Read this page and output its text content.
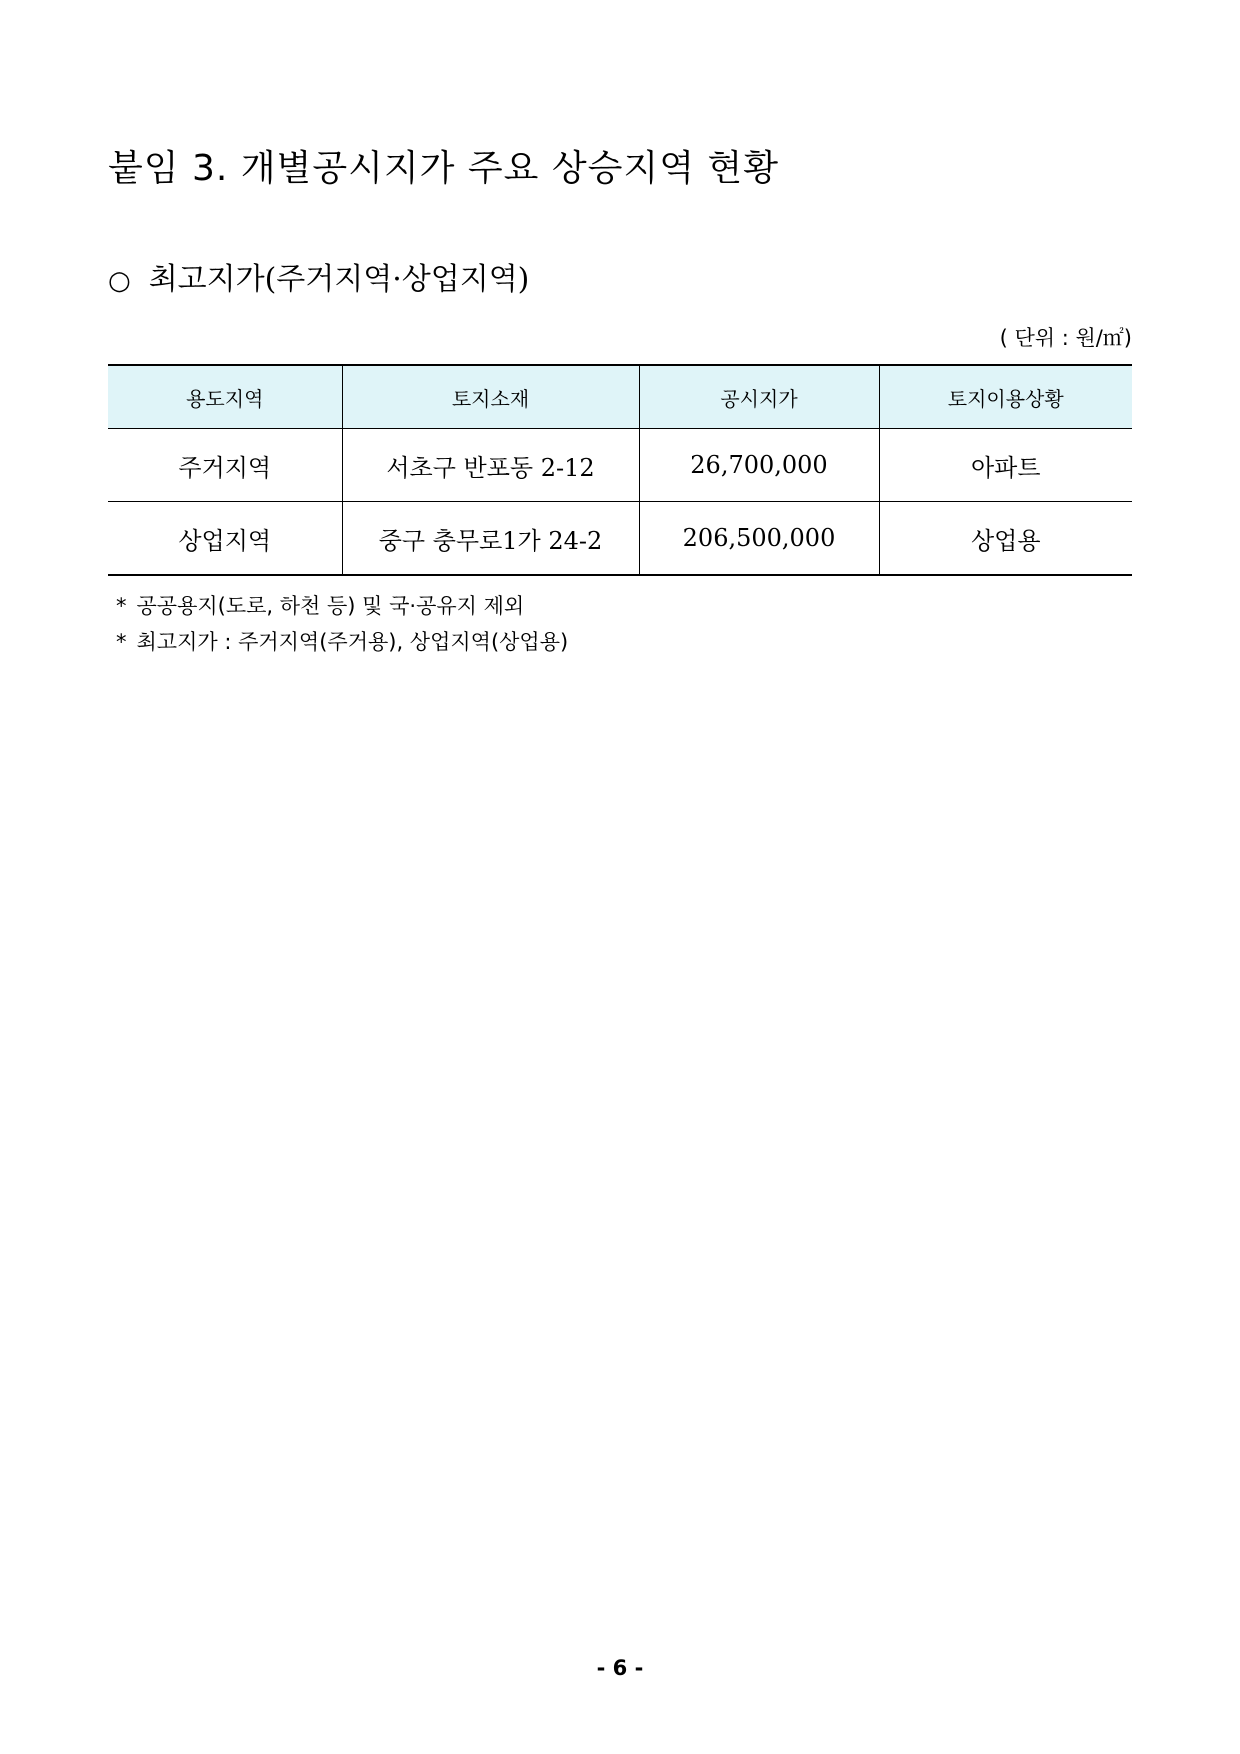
붙임 3. 개별공시지가 주요 상승지역 현황
○ 최고지가(주거지역·상업지역)
( 단위 : 원/㎡)
용도지역	토지소재	공시지가	토지이용상황
주거지역	서초구 반포동 2-12	26,700,000	아파트
상업지역	중구 충무로1가 24-2	206,500,000	상업용
* 공공용지(도로, 하천 등) 및 국·공유지 제외
* 최고지가 : 주거지역(주거용), 상업지역(상업용)
- 6 -
